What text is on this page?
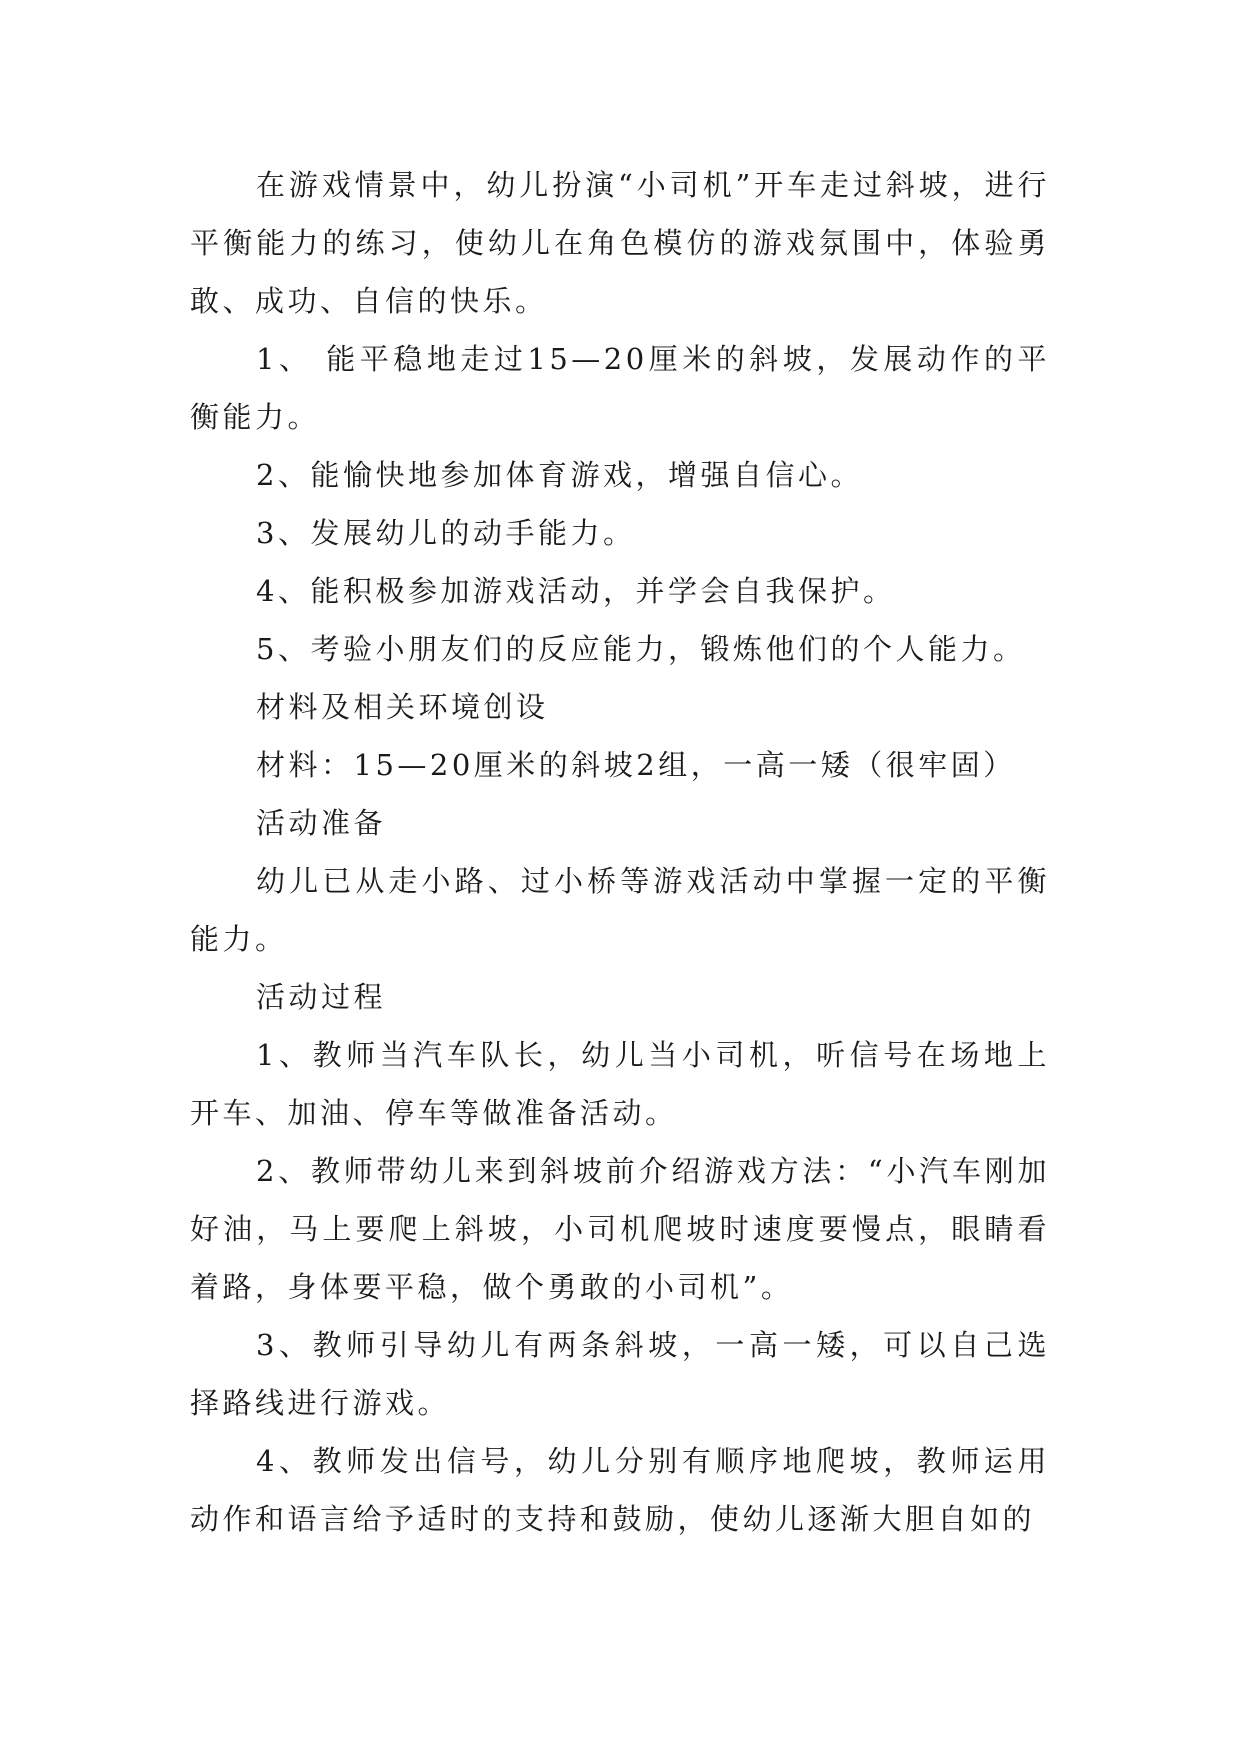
在游戏情景中，幼儿扮演“小司机”开车走过斜坡，进行平衡能力的练习，使幼儿在角色模仿的游戏氛围中，体验勇敢、成功、自信的快乐。

1、 能平稳地走过15—20厘米的斜坡，发展动作的平衡能力。

2、能愉快地参加体育游戏，增强自信心。

3、发展幼儿的动手能力。

4、能积极参加游戏活动，并学会自我保护。

5、考验小朋友们的反应能力，锻炼他们的个人能力。

材料及相关环境创设

材料：15—20厘米的斜坡2组，一高一矮（很牢固）

活动准备

幼儿已从走小路、过小桥等游戏活动中掌握一定的平衡能力。

活动过程

1、教师当汽车队长，幼儿当小司机，听信号在场地上开车、加油、停车等做准备活动。

2、教师带幼儿来到斜坡前介绍游戏方法：“小汽车刚加好油，马上要爬上斜坡，小司机爬坡时速度要慢点，眼睛看着路，身体要平稳，做个勇敢的小司机”。

3、教师引导幼儿有两条斜坡，一高一矮，可以自己选择路线进行游戏。

4、教师发出信号，幼儿分别有顺序地爬坡，教师运用动作和语言给予适时的支持和鼓励，使幼儿逐渐大胆自如的
